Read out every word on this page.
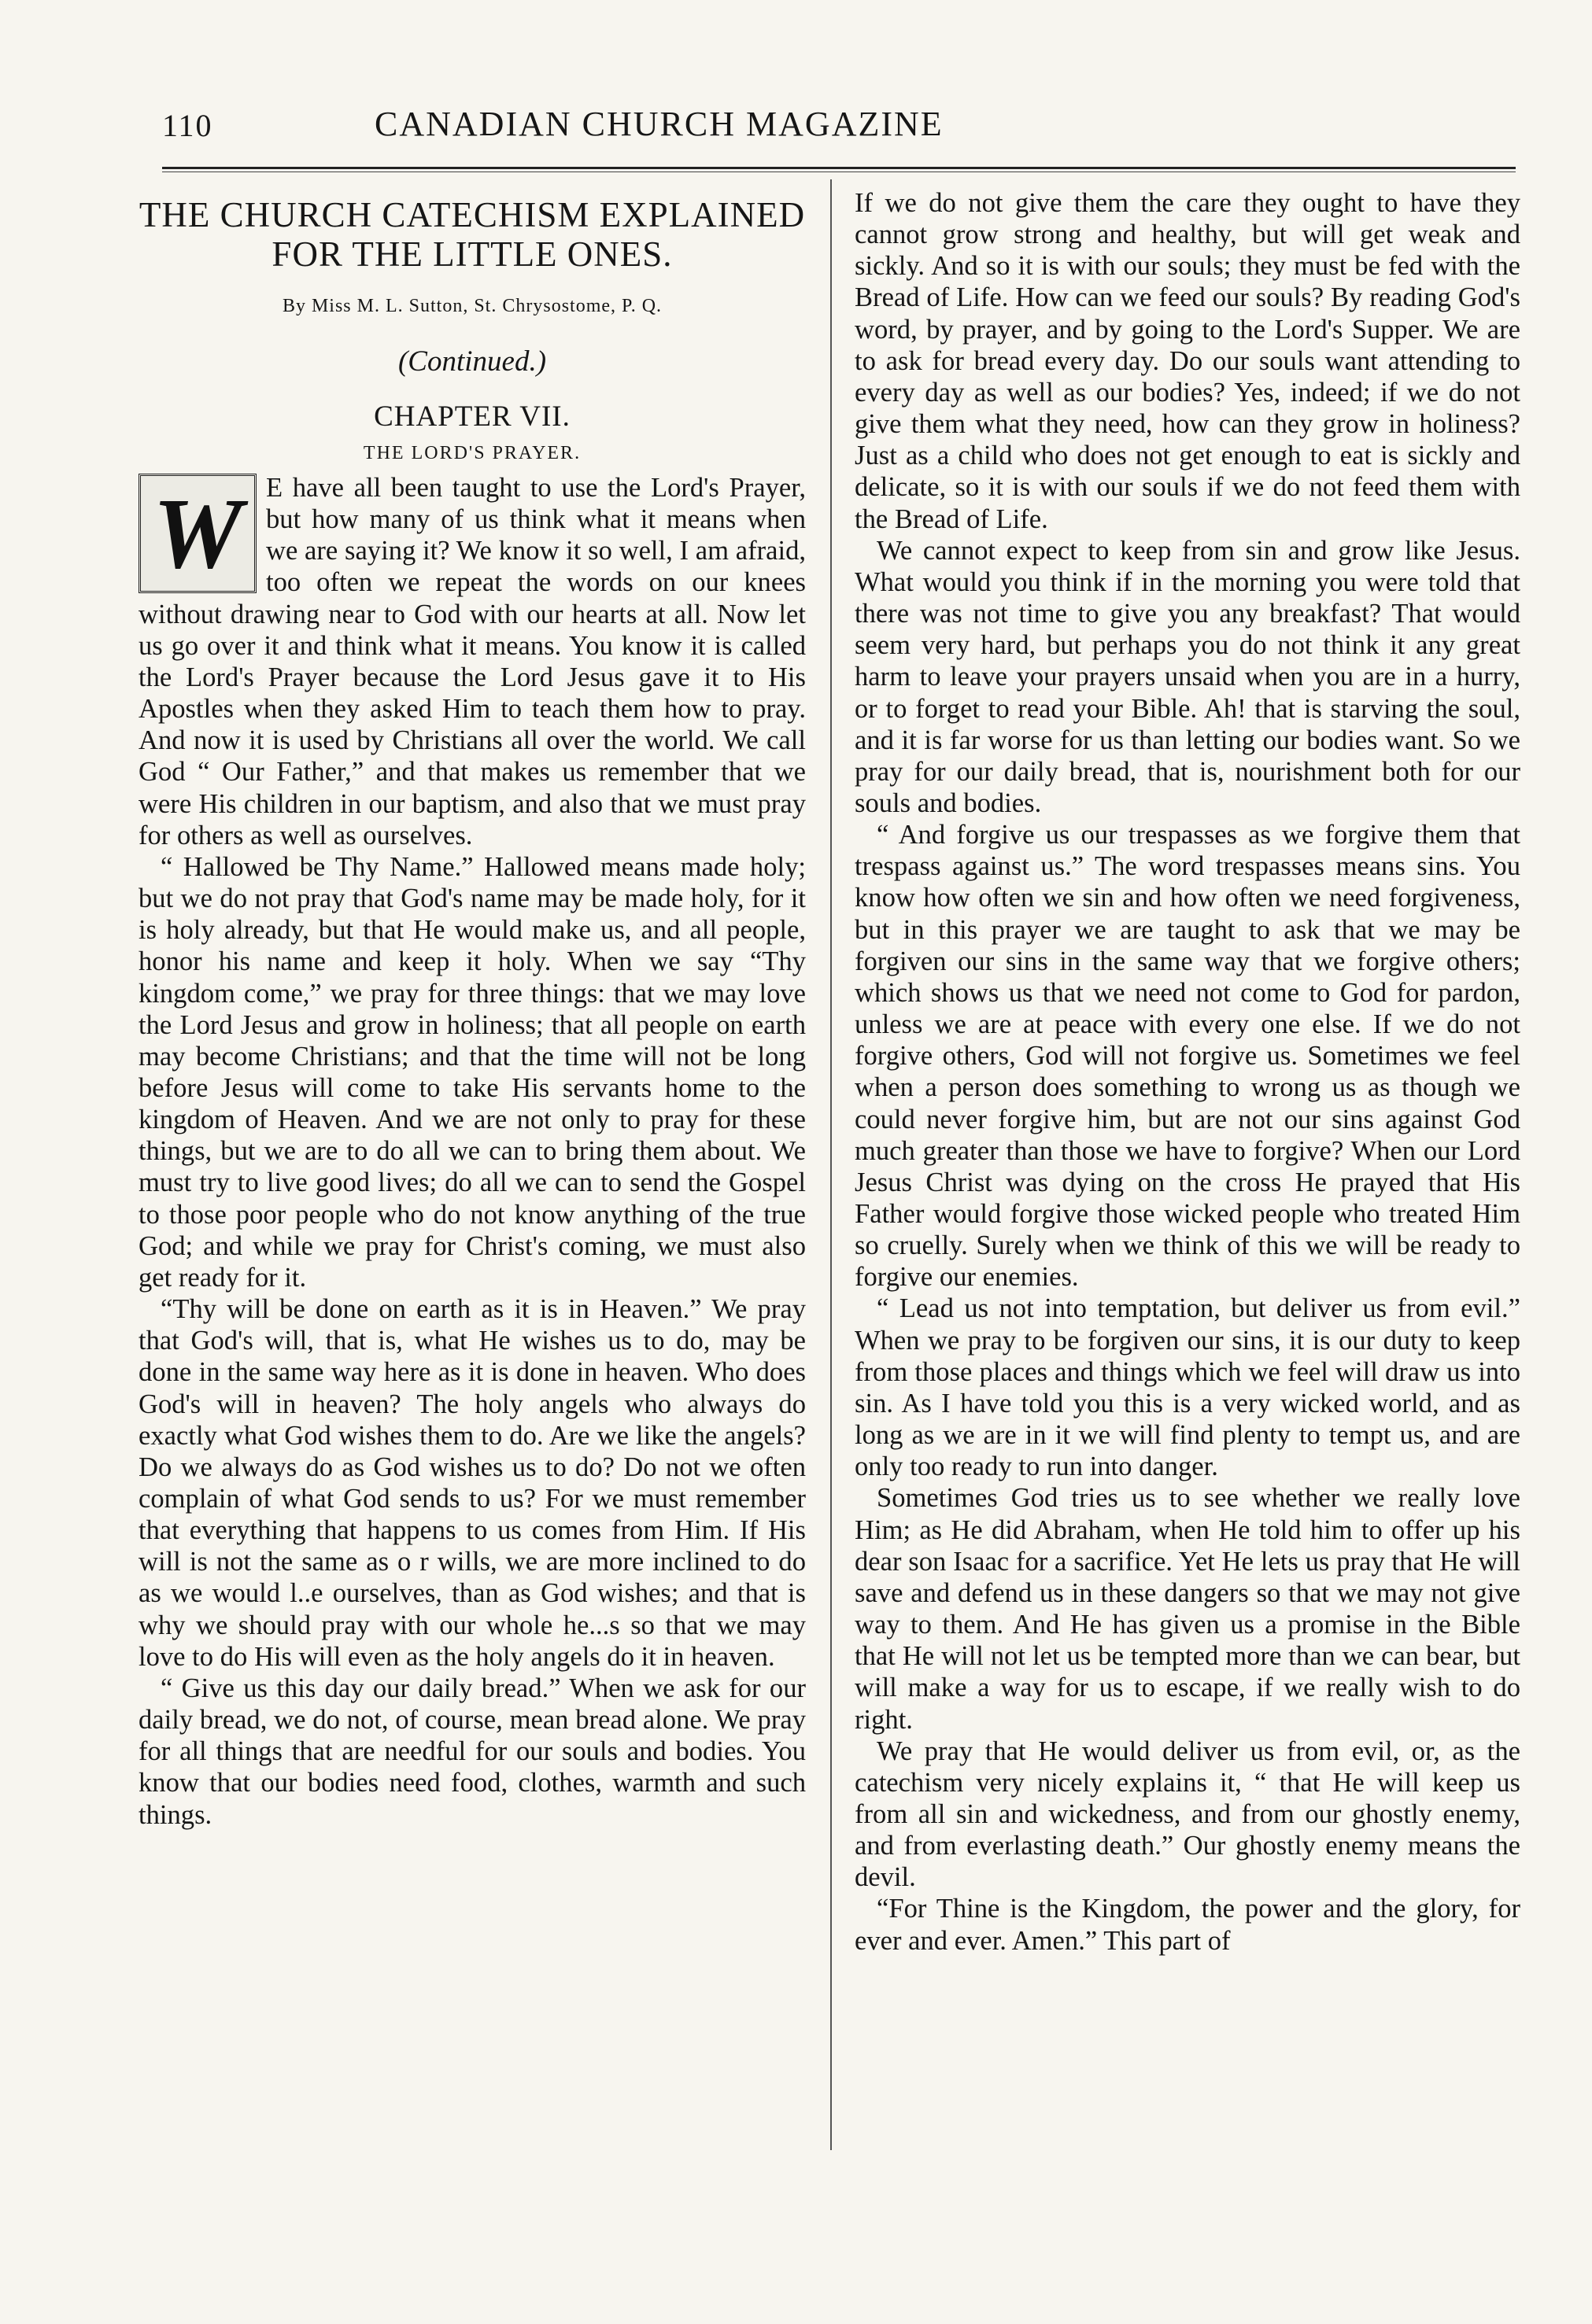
110	CANADIAN CHURCH MAGAZINE
THE CHURCH CATECHISM EXPLAINED FOR THE LITTLE ONES.
By Miss M. L. Sutton, St. Chrysostome, P. Q.
(Continued.)
CHAPTER VII.
THE LORD'S PRAYER.
W E have all been taught to use the Lord's Prayer, but how many of us think what it means when we are saying it? We know it so well, I am afraid, too often we repeat the words on our knees without drawing near to God with our hearts at all. Now let us go over it and think what it means. You know it is called the Lord's Prayer because the Lord Jesus gave it to His Apostles when they asked Him to teach them how to pray. And now it is used by Christians all over the world. We call God “ Our Father,” and that makes us remember that we were His children in our baptism, and also that we must pray for others as well as ourselves.

“ Hallowed be Thy Name.” Hallowed means made holy; but we do not pray that God's name may be made holy, for it is holy already, but that He would make us, and all people, honor his name and keep it holy. When we say “Thy kingdom come,” we pray for three things: that we may love the Lord Jesus and grow in holiness; that all people on earth may become Christians; and that the time will not be long before Jesus will come to take His servants home to the kingdom of Heaven. And we are not only to pray for these things, but we are to do all we can to bring them about. We must try to live good lives; do all we can to send the Gospel to those poor people who do not know anything of the true God; and while we pray for Christ's coming, we must also get ready for it.

“Thy will be done on earth as it is in Heaven.” We pray that God's will, that is, what He wishes us to do, may be done in the same way here as it is done in heaven. Who does God's will in heaven? The holy angels who always do exactly what God wishes them to do. Are we like the angels? Do we always do as God wishes us to do? Do not we often complain of what God sends to us? For we must remember that everything that happens to us comes from Him. If His will is not the same as o r wills, we are more inclined to do as we would l..e ourselves, than as God wishes; and that is why we should pray with our whole he...s so that we may love to do His will even as the holy angels do it in heaven.

“ Give us this day our daily bread.” When we ask for our daily bread, we do not, of course, mean bread alone. We pray for all things that are needful for our souls and bodies. You know that our bodies need food, clothes, warmth and such things.

If we do not give them the care they ought to have they cannot grow strong and healthy, but will get weak and sickly. And so it is with our souls; they must be fed with the Bread of Life. How can we feed our souls? By reading God's word, by prayer, and by going to the Lord's Supper. We are to ask for bread every day. Do our souls want attending to every day as well as our bodies? Yes, indeed; if we do not give them what they need, how can they grow in holiness? Just as a child who does not get enough to eat is sickly and delicate, so it is with our souls if we do not feed them with the Bread of Life.

We cannot expect to keep from sin and grow like Jesus. What would you think if in the morning you were told that there was not time to give you any breakfast? That would seem very hard, but perhaps you do not think it any great harm to leave your prayers unsaid when you are in a hurry, or to forget to read your Bible. Ah! that is starving the soul, and it is far worse for us than letting our bodies want. So we pray for our daily bread, that is, nourishment both for our souls and bodies.

“ And forgive us our trespasses as we forgive them that trespass against us.” The word trespasses means sins. You know how often we sin and how often we need forgiveness, but in this prayer we are taught to ask that we may be forgiven our sins in the same way that we forgive others; which shows us that we need not come to God for pardon, unless we are at peace with every one else. If we do not forgive others, God will not forgive us. Sometimes we feel when a person does something to wrong us as though we could never forgive him, but are not our sins against God much greater than those we have to forgive? When our Lord Jesus Christ was dying on the cross He prayed that His Father would forgive those wicked people who treated Him so cruelly. Surely when we think of this we will be ready to forgive our enemies.

“ Lead us not into temptation, but deliver us from evil.” When we pray to be forgiven our sins, it is our duty to keep from those places and things which we feel will draw us into sin. As I have told you this is a very wicked world, and as long as we are in it we will find plenty to tempt us, and are only too ready to run into danger.

Sometimes God tries us to see whether we really love Him; as He did Abraham, when He told him to offer up his dear son Isaac for a sacrifice. Yet He lets us pray that He will save and defend us in these dangers so that we may not give way to them. And He has given us a promise in the Bible that He will not let us be tempted more than we can bear, but will make a way for us to escape, if we really wish to do right.

We pray that He would deliver us from evil, or, as the catechism very nicely explains it, “ that He will keep us from all sin and wickedness, and from our ghostly enemy, and from everlasting death.” Our ghostly enemy means the devil.

“For Thine is the Kingdom, the power and the glory, for ever and ever. Amen.” This part of
